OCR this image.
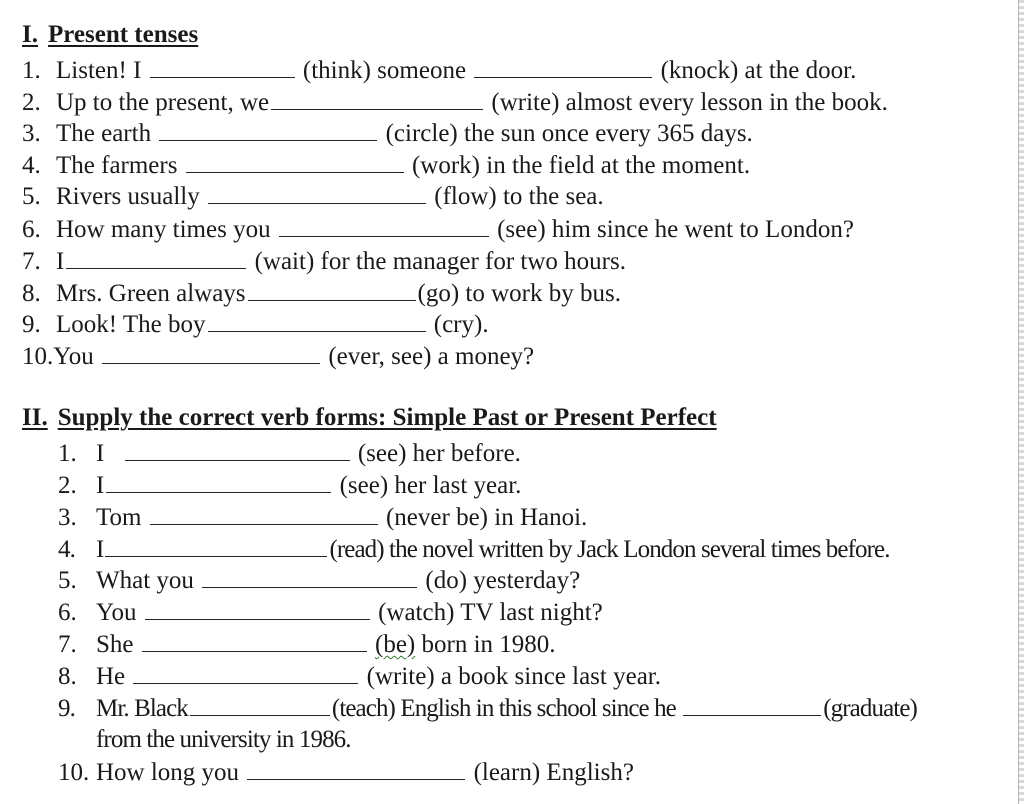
I. Present tenses
1. Listen! I	(think) someone	(knock) at the door.
2. Up to the present, we	(write) almost every lesson in the book.
3. The earth	(circle) the sun once every 365 days.
4. The farmers	(work) in the field at the moment.
5. Rivers usually	(flow) to the sea.
6. How many times you	(see) him since he went to London?
7. I	(wait) for the manager for two hours.
8. Mrs. Green always	(go) to work by bus.
9. Look! The boy	(cry).
10.You	(ever, see) a money?
II. Supply the correct verb forms: Simple Past or Present Perfect
1. I	(see) her before.
2. I	(see) her last year.
3. Tom	(never be) in Hanoi.
4. I	(read) the novel written by Jack London several times before.
5. What you	(do) yesterday?
6. You	(watch) TV last night?
7. She	(be) born in 1980.
8. He	(write) a book since last year.
9. Mr. Black	(teach) English in this school since he	(graduate)
from the university in 1986.
10. How long you	(learn) English?
